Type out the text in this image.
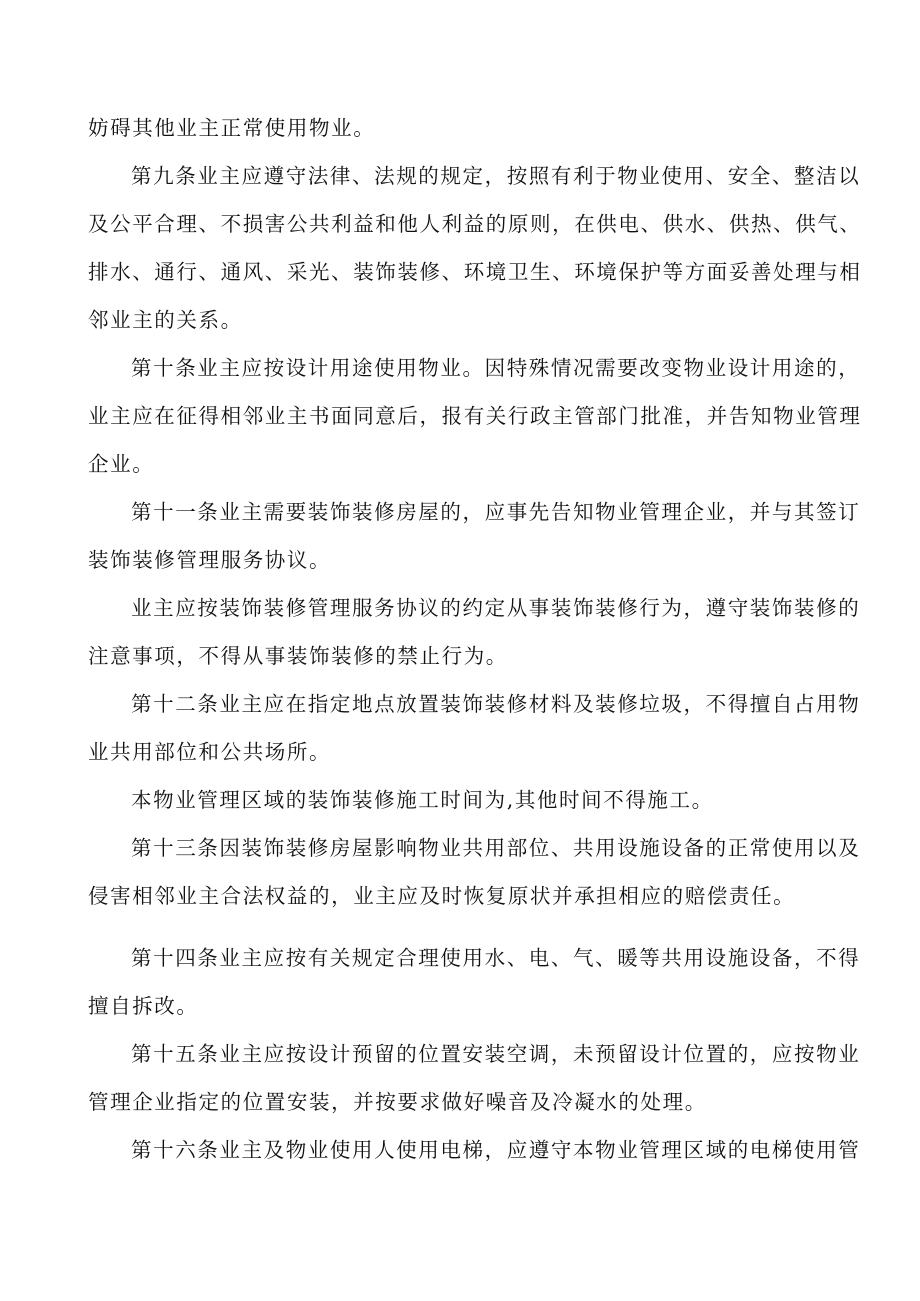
妨碍其他业主正常使用物业。
第九条业主应遵守法律、法规的规定，按照有利于物业使用、安全、整洁以
及公平合理、不损害公共利益和他人利益的原则，在供电、供水、供热、供气、
排水、通行、通风、采光、装饰装修、环境卫生、环境保护等方面妥善处理与相
邻业主的关系。
第十条业主应按设计用途使用物业。因特殊情况需要改变物业设计用途的，
业主应在征得相邻业主书面同意后，报有关行政主管部门批准，并告知物业管理
企业。
第十一条业主需要装饰装修房屋的，应事先告知物业管理企业，并与其签订
装饰装修管理服务协议。
业主应按装饰装修管理服务协议的约定从事装饰装修行为，遵守装饰装修的
注意事项，不得从事装饰装修的禁止行为。
第十二条业主应在指定地点放置装饰装修材料及装修垃圾，不得擅自占用物
业共用部位和公共场所。
本物业管理区域的装饰装修施工时间为,其他时间不得施工。
第十三条因装饰装修房屋影响物业共用部位、共用设施设备的正常使用以及
侵害相邻业主合法权益的，业主应及时恢复原状并承担相应的赔偿责任。
第十四条业主应按有关规定合理使用水、电、气、暖等共用设施设备，不得
擅自拆改。
第十五条业主应按设计预留的位置安装空调，未预留设计位置的，应按物业
管理企业指定的位置安装，并按要求做好噪音及冷凝水的处理。
第十六条业主及物业使用人使用电梯，应遵守本物业管理区域的电梯使用管
